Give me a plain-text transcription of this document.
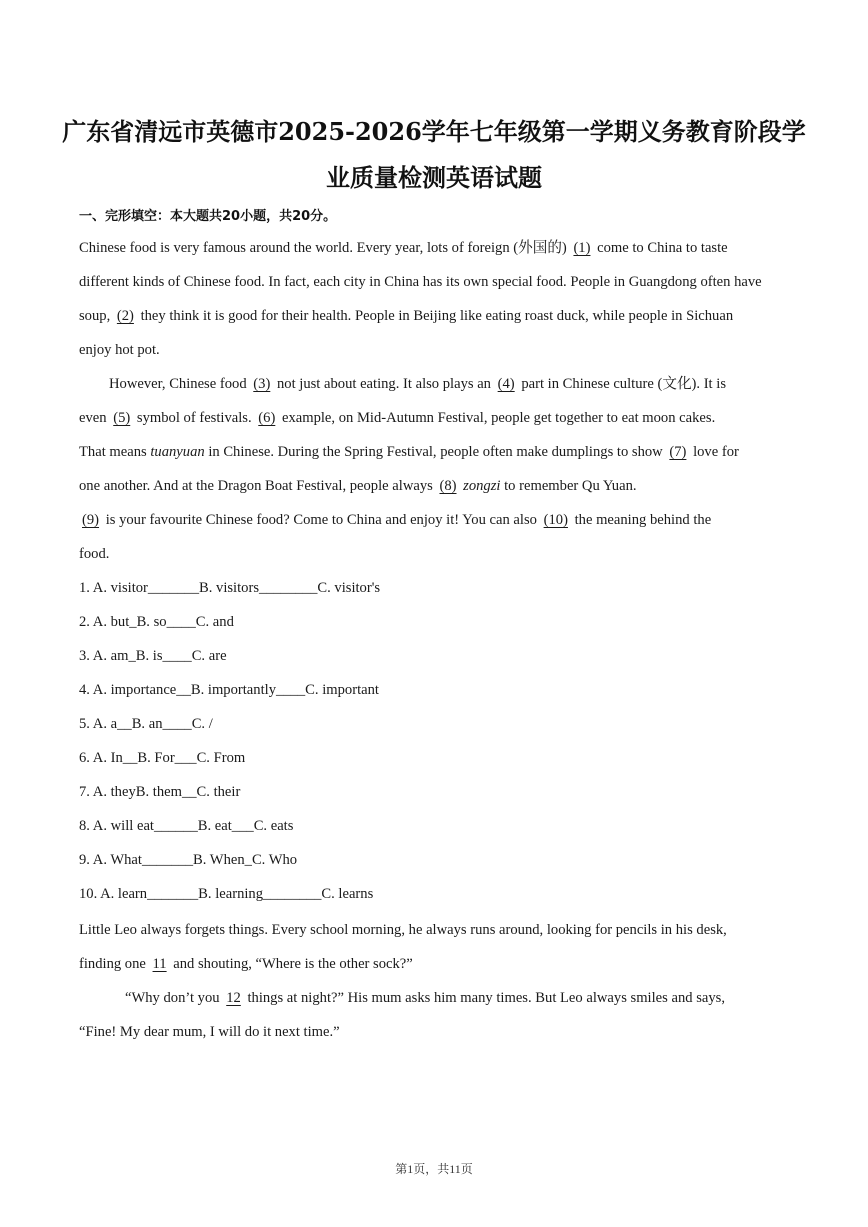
广东省清远市英德市2025-2026学年七年级第一学期义务教育阶段学
业质量检测英语试题
一、完形填空：本大题共20小题，共20分。
Chinese food is very famous around the world. Every year, lots of foreign (外国的) (1) come to China to taste
different kinds of Chinese food. In fact, each city in China has its own special food. People in Guangdong often have
soup, (2) they think it is good for their health. People in Beijing like eating roast duck, while people in Sichuan
enjoy hot pot.
However, Chinese food (3) not just about eating. It also plays an (4) part in Chinese culture (文化). It is
even (5) symbol of festivals. (6) example, on Mid-Autumn Festival, people get together to eat moon cakes.
That means tuanyuan in Chinese. During the Spring Festival, people often make dumplings to show (7) love for
one another. And at the Dragon Boat Festival, people always (8) zongzi to remember Qu Yuan.
(9) is your favourite Chinese food? Come to China and enjoy it! You can also (10) the meaning behind the
food.
1. A. visitor_______B. visitors________C. visitor's
2. A. but_B. so____C. and
3. A. am_B. is____C. are
4. A. importance__B. importantly____C. important
5. A. a__B. an____C. /
6. A. In__B. For___C. From
7. A. theyB. them__C. their
8. A. will eat______B. eat___C. eats
9. A. What_______B. When_C. Who
10. A. learn_______B. learning________C. learns
Little Leo always forgets things. Every school morning, he always runs around, looking for pencils in his desk,
finding one 11 and shouting, “Where is the other sock?”
“Why don’t you 12 things at night?” His mum asks him many times. But Leo always smiles and says,
“Fine! My dear mum, I will do it next time.”
第1页，共11页
